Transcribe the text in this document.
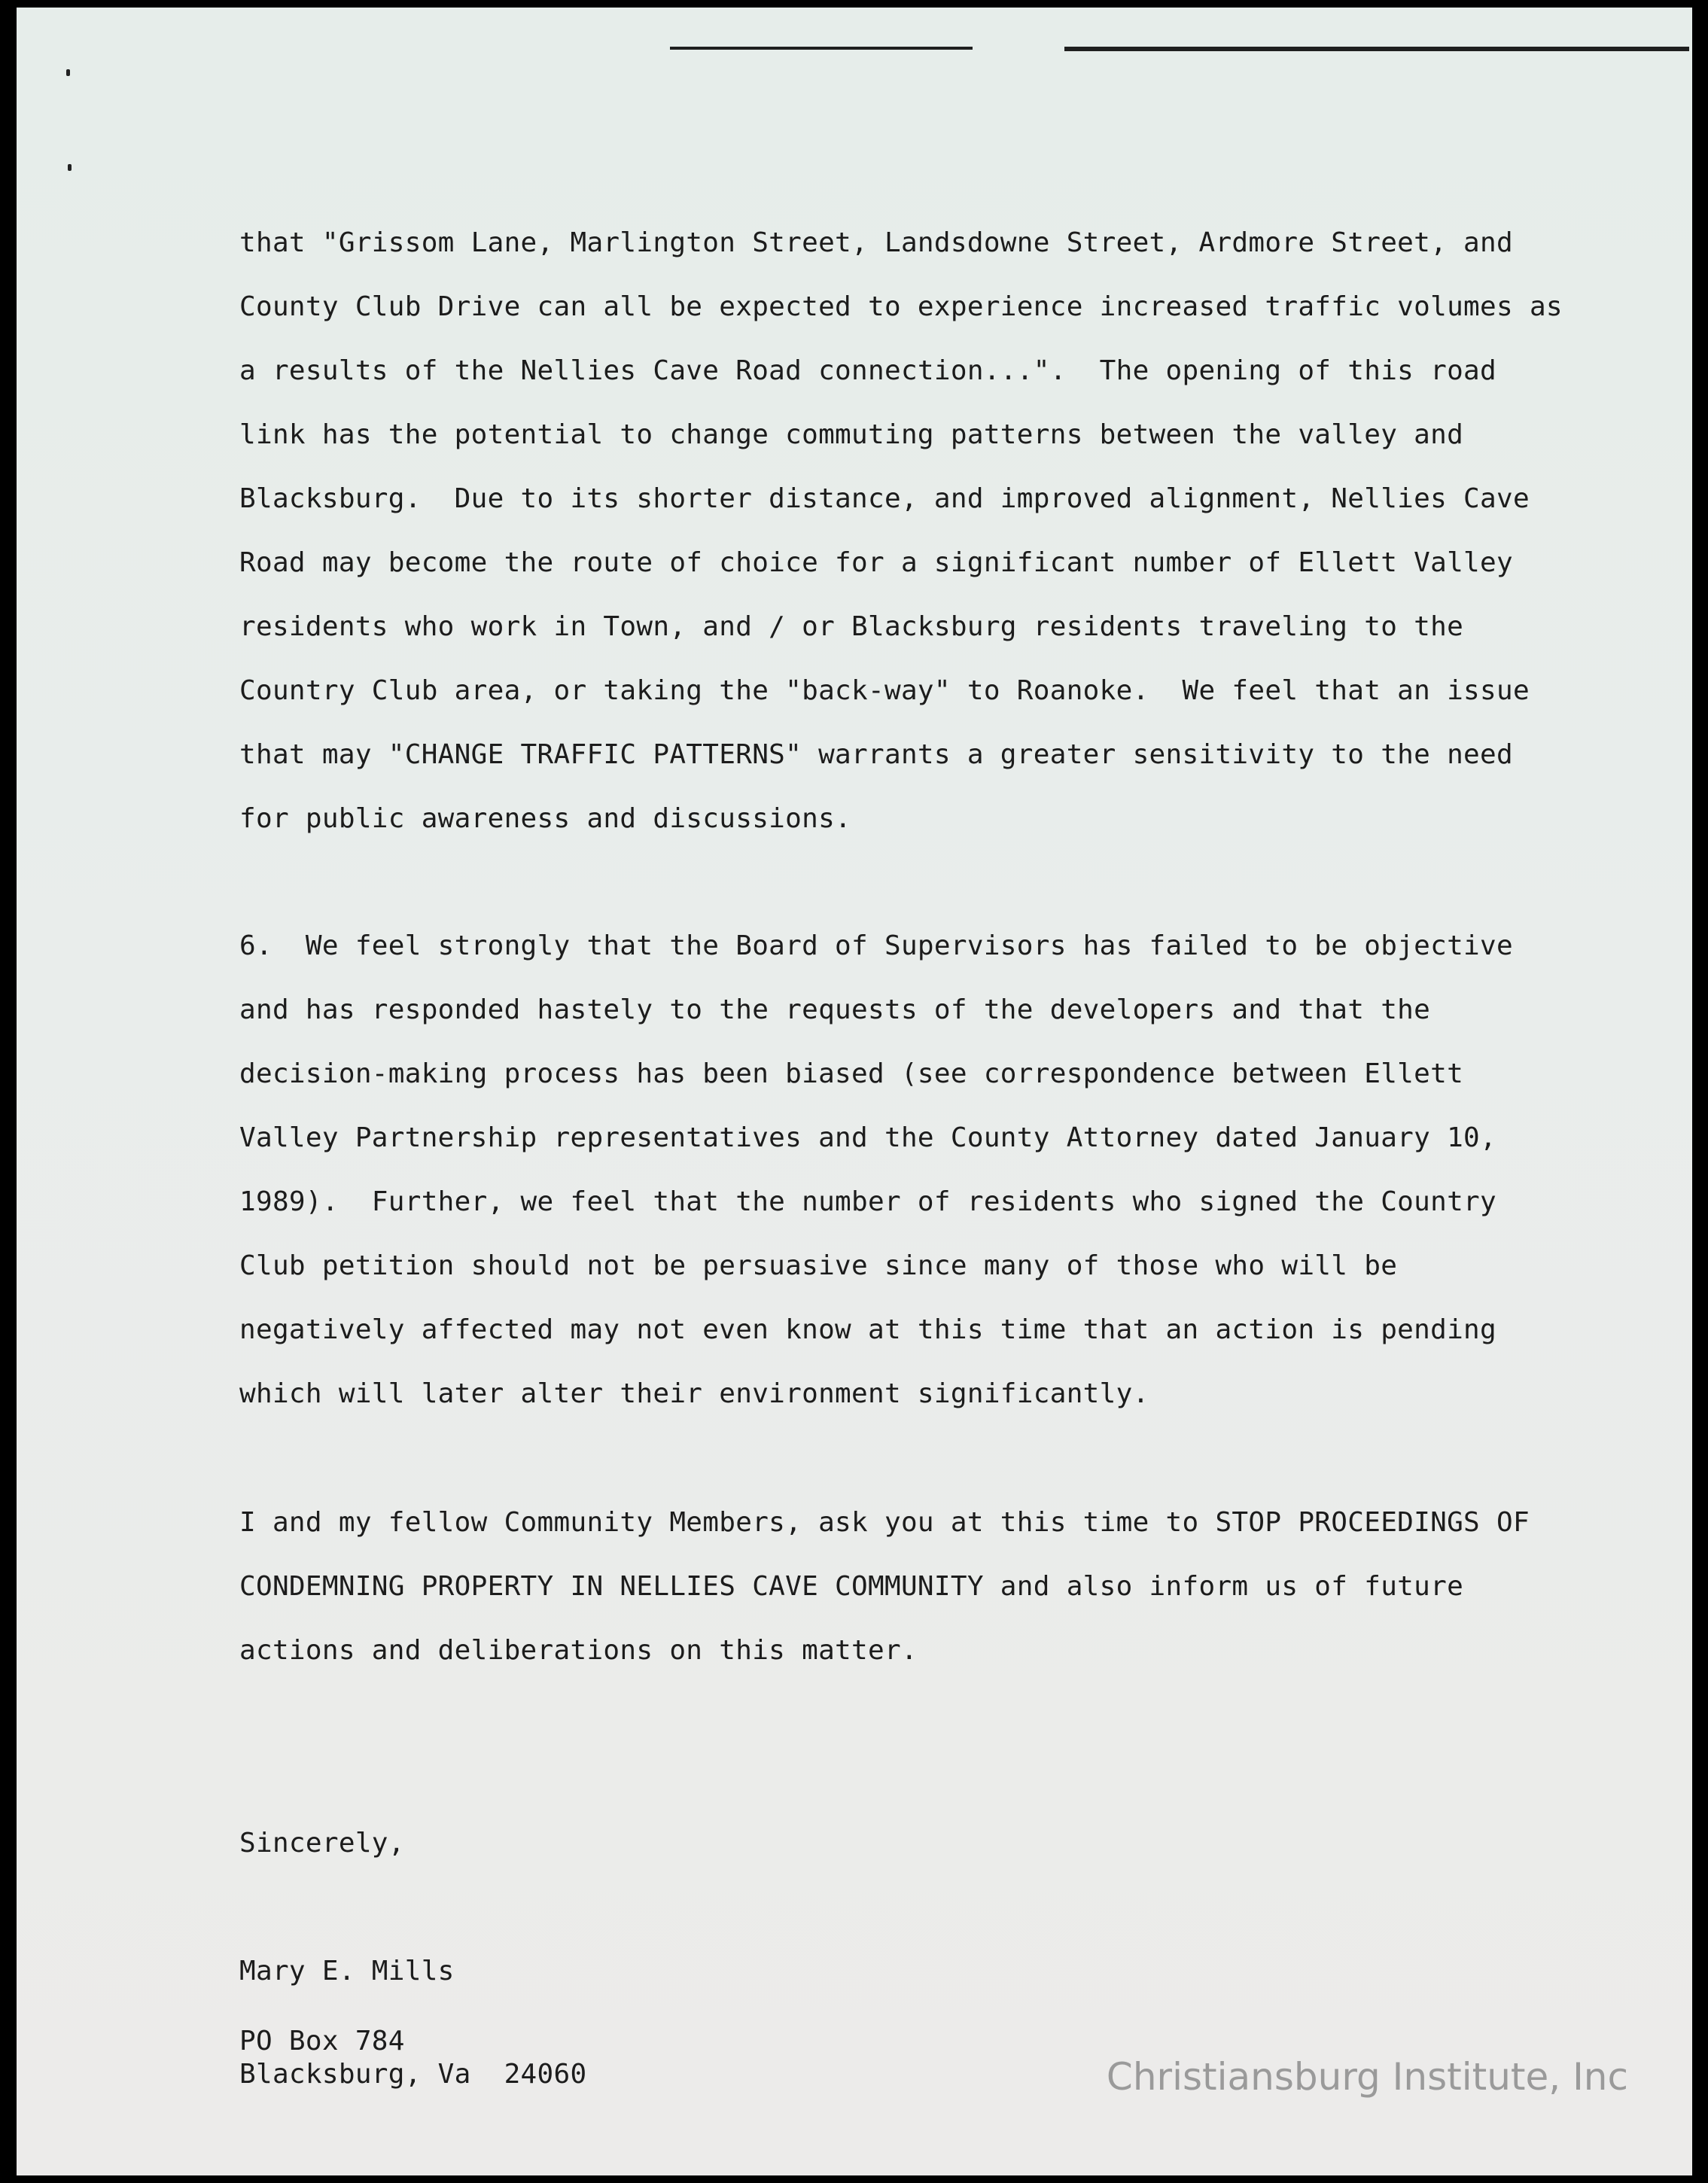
that "Grissom Lane, Marlington Street, Landsdowne Street, Ardmore Street, and

County Club Drive can all be expected to experience increased traffic volumes as

a results of the Nellies Cave Road connection...".  The opening of this road

link has the potential to change commuting patterns between the valley and

Blacksburg.  Due to its shorter distance, and improved alignment, Nellies Cave

Road may become the route of choice for a significant number of Ellett Valley

residents who work in Town, and / or Blacksburg residents traveling to the

Country Club area, or taking the "back-way" to Roanoke.  We feel that an issue

that may "CHANGE TRAFFIC PATTERNS" warrants a greater sensitivity to the need

for public awareness and discussions.

6.  We feel strongly that the Board of Supervisors has failed to be objective

and has responded hastely to the requests of the developers and that the

decision-making process has been biased (see correspondence between Ellett

Valley Partnership representatives and the County Attorney dated January 10,

1989).  Further, we feel that the number of residents who signed the Country

Club petition should not be persuasive since many of those who will be

negatively affected may not even know at this time that an action is pending

which will later alter their environment significantly.

I and my fellow Community Members, ask you at this time to STOP PROCEEDINGS OF

CONDEMNING PROPERTY IN NELLIES CAVE COMMUNITY and also inform us of future

actions and deliberations on this matter.

Sincerely,
Mary E. Mills
PO Box 784
Blacksburg, Va  24060	Christiansburg Institute, Inc
